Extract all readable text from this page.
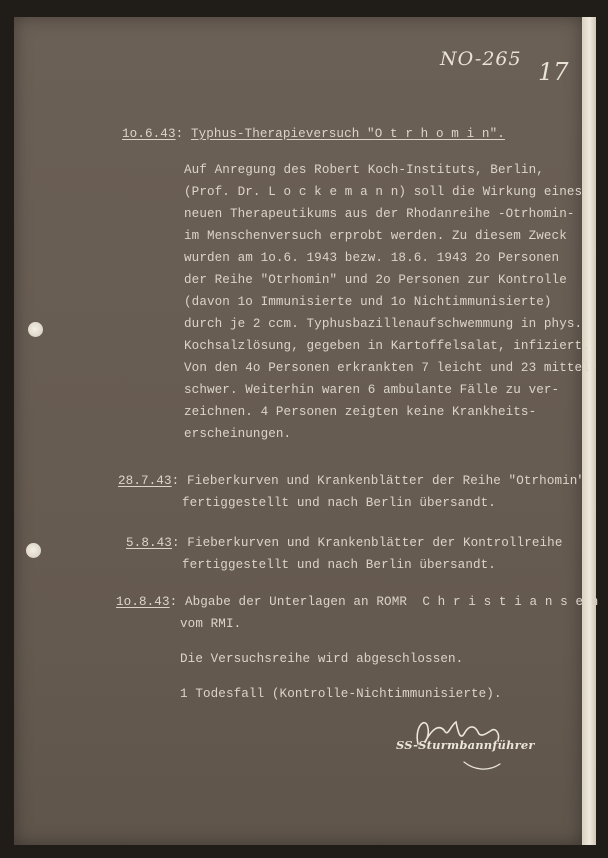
NO-265 17
1o.6.43: Typhus-Therapieversuch "O t r h o m i n".
Auf Anregung des Robert Koch-Instituts, Berlin,
(Prof. Dr. L o c k e m a n n) soll die Wirkung eines
neuen Therapeutikums aus der Rhodanreihe -Otrhomin-
im Menschenversuch erprobt werden. Zu diesem Zweck
wurden am 1o.6. 1943 bezw. 18.6. 1943 2o Personen
der Reihe "Otrhomin" und 2o Personen zur Kontrolle
(davon 1o Immunisierte und 1o Nichtimmunisierte)
durch je 2 ccm. Typhusbazillenaufschwemmung in phys.
Kochsalzlösung, gegeben in Kartoffelsalat, infiziert.
Von den 4o Personen erkrankten 7 leicht und 23 mittel-
schwer. Weiterhin waren 6 ambulante Fälle zu ver-
zeichnen. 4 Personen zeigten keine Krankheits-
erscheinungen.
28.7.43: Fieberkurven und Krankenblätter der Reihe "Otrhomin"
fertiggestellt und nach Berlin übersandt.
5.8.43: Fieberkurven und Krankenblätter der Kontrollreihe
fertiggestellt und nach Berlin übersandt.
1o.8.43: Abgabe der Unterlagen an ROMR  C h r i s t i a n s e n
vom RMI.
Die Versuchsreihe wird abgeschlossen.
1 Todesfall (Kontrolle-Nichtimmunisierte).
SS-Sturmbannführer
